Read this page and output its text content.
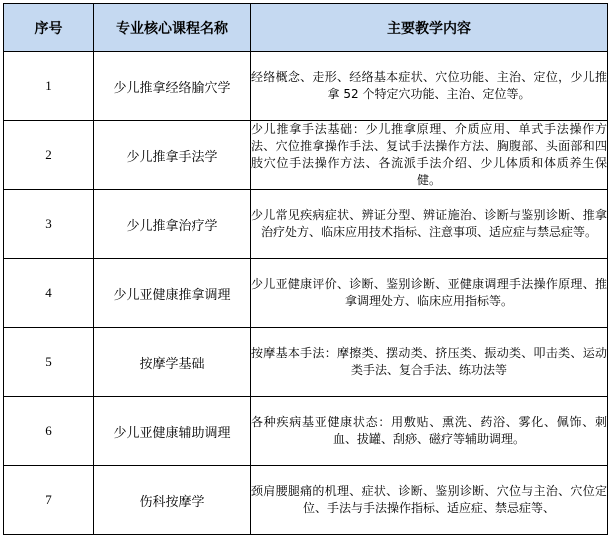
序号	专业核心课程名称	主要教学内容
1	少儿推拿经络腧穴学	经络概念、走形、经络基本症状、穴位功能、主治、定位，少儿推拿 52 个特定穴功能、主治、定位等。
2	少儿推拿手法学	少儿推拿手法基础：少儿推拿原理、介质应用、单式手法操作方法、穴位推拿操作手法、复试手法操作方法、胸腹部、头面部和四肢穴位手法操作方法、各流派手法介绍、少儿体质和体质养生保健。
3	少儿推拿治疗学	少儿常见疾病症状、辨证分型、辨证施治、诊断与鉴别诊断、推拿治疗处方、临床应用技术指标、注意事项、适应症与禁忌症等。
4	少儿亚健康推拿调理	少儿亚健康评价、诊断、鉴别诊断、亚健康调理手法操作原理、推拿调理处方、临床应用指标等。
5	按摩学基础	按摩基本手法：摩擦类、摆动类、挤压类、振动类、叩击类、运动类手法、复合手法、练功法等
6	少儿亚健康辅助调理	各种疾病基亚健康状态：用敷贴、熏洗、药浴、雾化、佩饰、刺血、拔罐、刮痧、磁疗等辅助调理。
7	伤科按摩学	颈肩腰腿痛的机理、症状、诊断、鉴别诊断、穴位与主治、穴位定位、手法与手法操作指标、适应症、禁忌症等、
